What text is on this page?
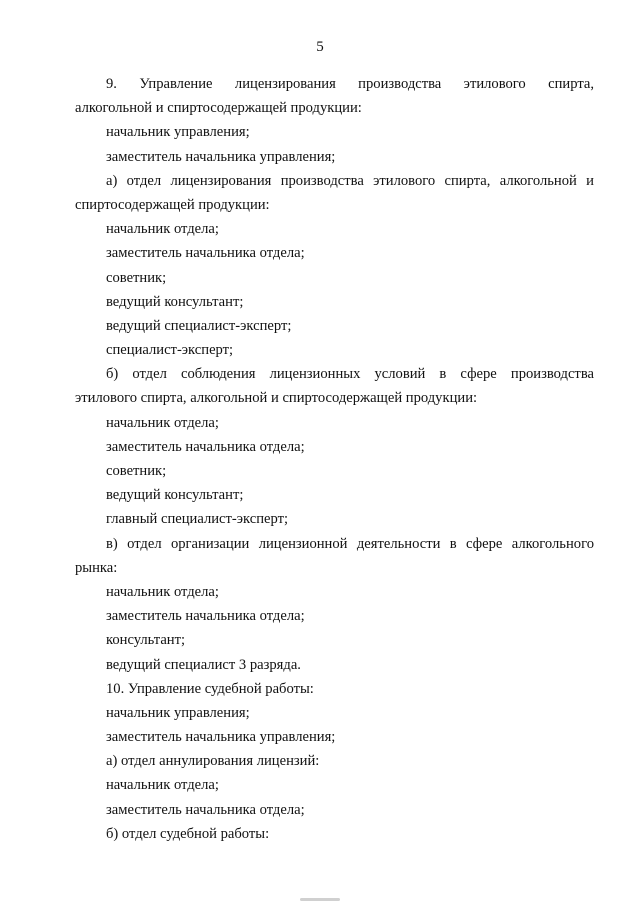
5
9. Управление лицензирования производства этилового спирта,
алкогольной и спиртосодержащей продукции:
начальник управления;
заместитель начальника управления;
а) отдел лицензирования производства этилового спирта, алкогольной и
спиртосодержащей продукции:
начальник отдела;
заместитель начальника отдела;
советник;
ведущий консультант;
ведущий специалист-эксперт;
специалист-эксперт;
б) отдел соблюдения лицензионных условий в сфере производства
этилового спирта, алкогольной и спиртосодержащей продукции:
начальник отдела;
заместитель начальника отдела;
советник;
ведущий консультант;
главный специалист-эксперт;
в) отдел организации лицензионной деятельности в сфере алкогольного
рынка:
начальник отдела;
заместитель начальника отдела;
консультант;
ведущий специалист 3 разряда.
10. Управление судебной работы:
начальник управления;
заместитель начальника управления;
а) отдел аннулирования лицензий:
начальник отдела;
заместитель начальника отдела;
б) отдел судебной работы:
